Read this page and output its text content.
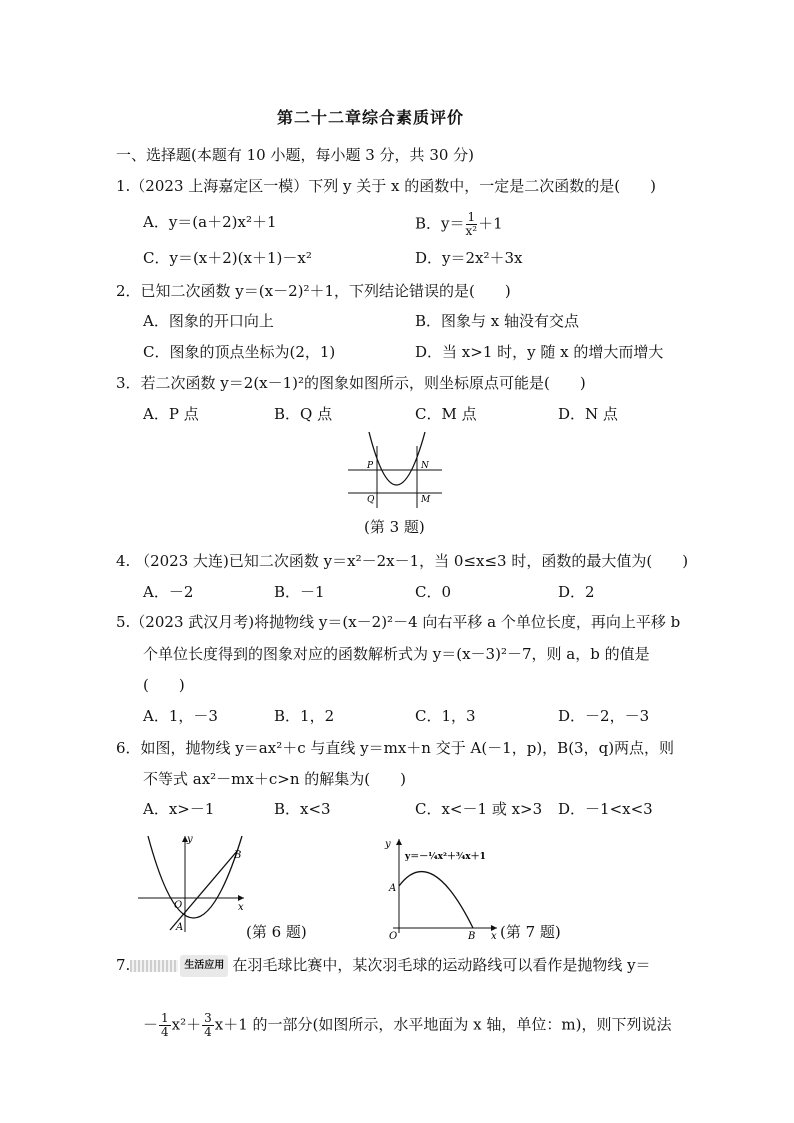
第二十二章综合素质评价
一、选择题(本题有 10 小题，每小题 3 分，共 30 分)
1.（2023 上海嘉定区一模）下列 y 关于 x 的函数中，一定是二次函数的是(　　)
A．y＝(a＋2)x²＋1	B．$y= \frac{1}{\text{x²}} +1$
C．y＝(x＋2)(x＋1)－x²	D．y＝2x²＋3x
2．已知二次函数 y＝(x－2)²＋1，下列结论错误的是(　　)
A．图象的开口向上	B．图象与 x 轴没有交点
C．图象的顶点坐标为(2，1)	D．当 x>1 时，y 随 x 的增大而增大
3．若二次函数 y＝2(x－1)²的图象如图所示，则坐标原点可能是(　　)
A．P 点	B．Q 点	C．M 点	D．N 点
P	N
Q	M
(第 3 题)
4. （2023 大连)已知二次函数 y＝x²－2x－1，当 0≤x≤3 时，函数的最大值为(　　)
A．－2	B．－1	C．0	D．2
5.（2023 武汉月考)将抛物线 y＝(x－2)²－4 向右平移 a 个单位长度，再向上平移 b
个单位长度得到的图象对应的函数解析式为 y＝(x－3)²－7，则 a，b 的值是
(　　)
A．1，－3	B．1，2	C．1，3	D．－2，－3
6．如图，抛物线 y＝ax²＋c 与直线 y＝mx＋n 交于 A(－1，p)，B(3，q)两点，则
不等式 ax²－mx＋c>n 的解集为(　　)
A．x>－1	B．x<3	C．x<－1 或 x>3 D．－1<x<3
y
x
O
A
B
(第 6 题)
y
x
O
A
B
y＝－¼x²＋¾x＋1
(第 7 题)
7.	生活应用 在羽毛球比赛中，某次羽毛球的运动路线可以看作是抛物线 y＝
－ $\frac{1}{4} x^2+ \frac{3}{4} x+1$ 的一部分(如图所示，水平地面为 x 轴，单位：m)，则下列说法
